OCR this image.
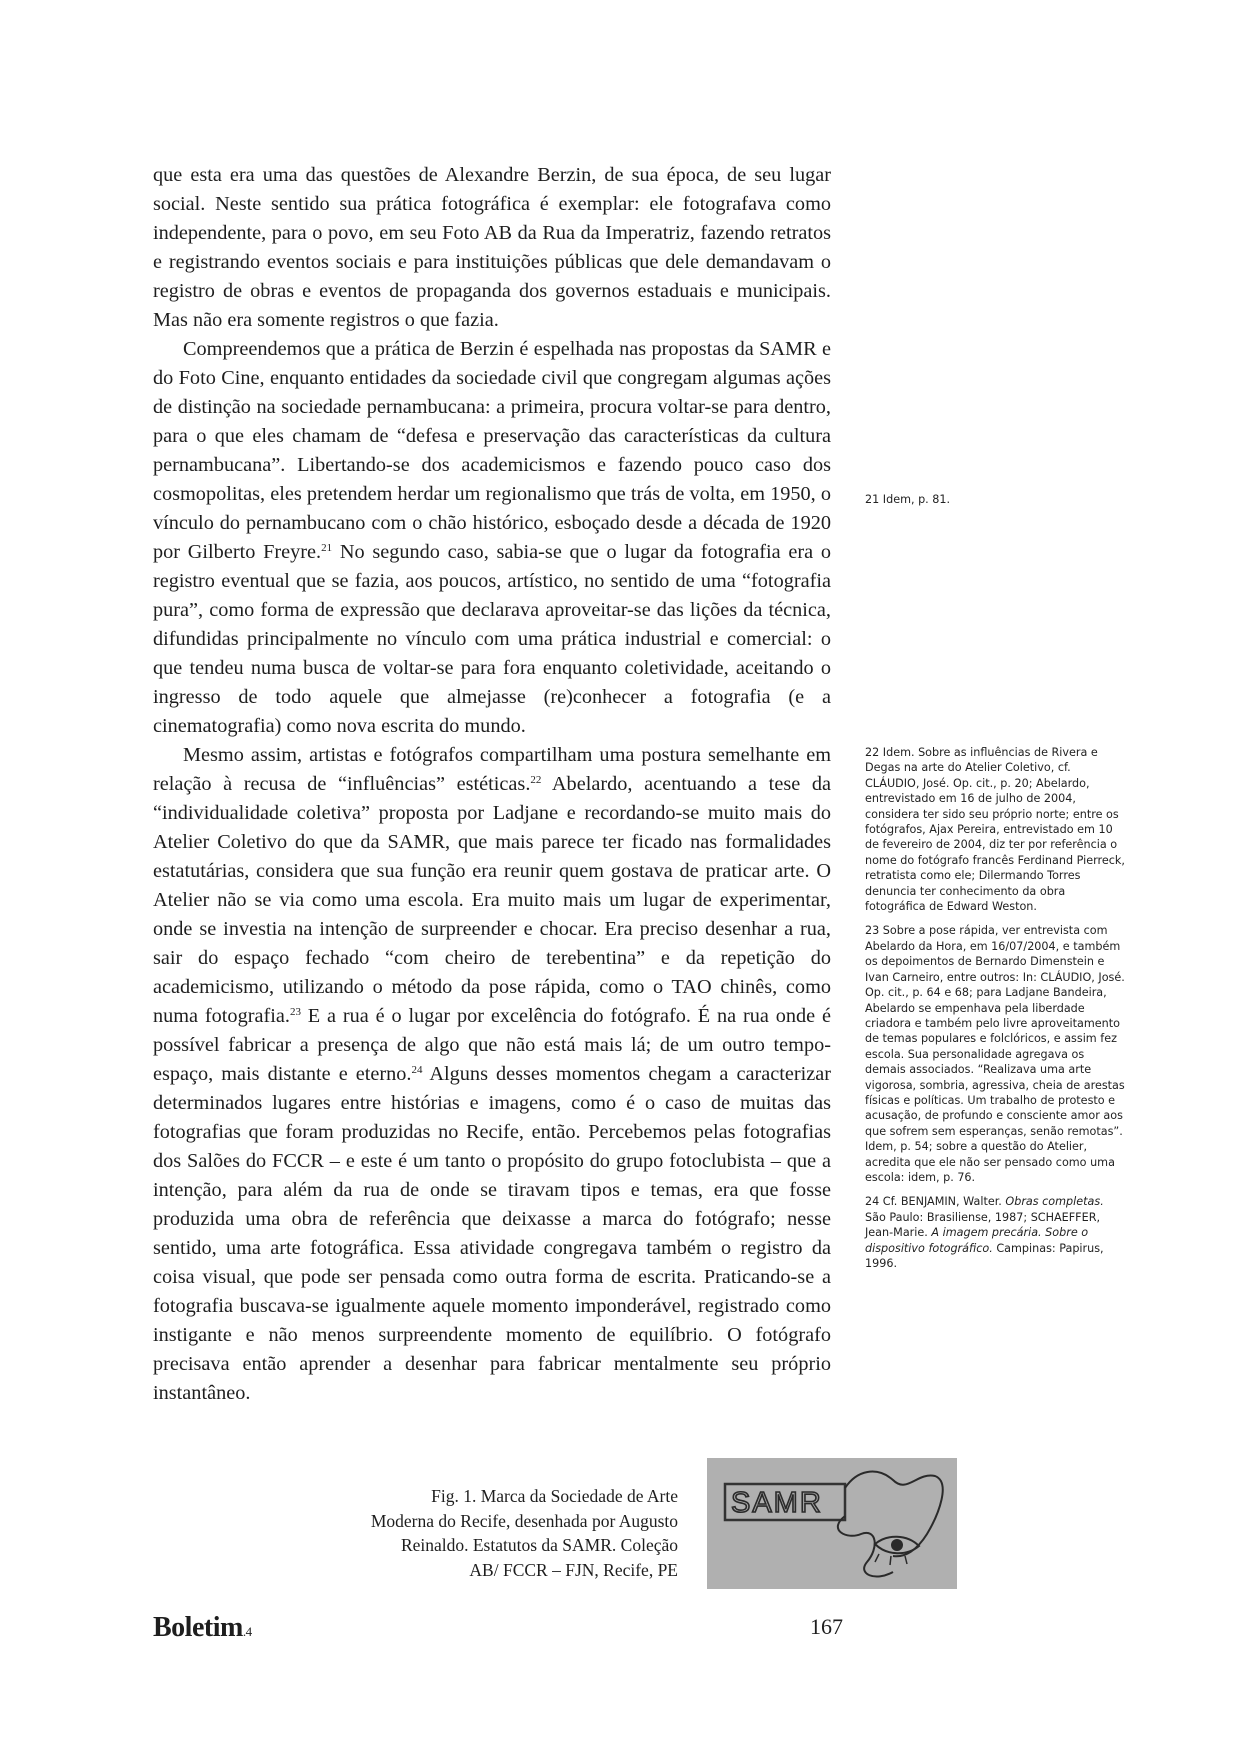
que esta era uma das questões de Alexandre Berzin, de sua época, de seu lugar social. Neste sentido sua prática fotográfica é exemplar: ele fotografava como independente, para o povo, em seu Foto AB da Rua da Imperatriz, fazendo retratos e registrando eventos sociais e para instituições públicas que dele demandavam o registro de obras e eventos de propaganda dos governos estaduais e municipais. Mas não era somente registros o que fazia.

Compreendemos que a prática de Berzin é espelhada nas propostas da SAMR e do Foto Cine, enquanto entidades da sociedade civil que congregam algumas ações de distinção na sociedade pernambucana: a primeira, procura voltar-se para dentro, para o que eles chamam de “defesa e preservação das características da cultura pernambucana”. Libertando-se dos academicismos e fazendo pouco caso dos cosmopolitas, eles pretendem herdar um regionalismo que trás de volta, em 1950, o vínculo do pernambucano com o chão histórico, esboçado desde a década de 1920 por Gilberto Freyre.$^{21}$ No segundo caso, sabia-se que o lugar da fotografia era o registro eventual que se fazia, aos poucos, artístico, no sentido de uma “fotografia pura”, como forma de expressão que declarava aproveitar-se das lições da técnica, difundidas principalmente no vínculo com uma prática industrial e comercial: o que tendeu numa busca de voltar-se para fora enquanto coletividade, aceitando o ingresso de todo aquele que almejasse (re)conhecer a fotografia (e a cinematografia) como nova escrita do mundo.

Mesmo assim, artistas e fotógrafos compartilham uma postura semelhante em relação à recusa de “influências” estéticas.$^{22}$ Abelardo, acentuando a tese da “individualidade coletiva” proposta por Ladjane e recordando-se muito mais do Atelier Coletivo do que da SAMR, que mais parece ter ficado nas formalidades estatutárias, considera que sua função era reunir quem gostava de praticar arte. O Atelier não se via como uma escola. Era muito mais um lugar de experimentar, onde se investia na intenção de surpreender e chocar. Era preciso desenhar a rua, sair do espaço fechado “com cheiro de terebentina” e da repetição do academicismo, utilizando o método da pose rápida, como o TAO chinês, como numa fotografia.$^{23}$ E a rua é o lugar por excelência do fotógrafo. É na rua onde é possível fabricar a presença de algo que não está mais lá; de um outro tempo-espaço, mais distante e eterno.$^{24}$ Alguns desses momentos chegam a caracterizar determinados lugares entre histórias e imagens, como é o caso de muitas das fotografias que foram produzidas no Recife, então. Percebemos pelas fotografias dos Salões do FCCR – e este é um tanto o propósito do grupo fotoclubista – que a intenção, para além da rua de onde se tiravam tipos e temas, era que fosse produzida uma obra de referência que deixasse a marca do fotógrafo; nesse sentido, uma arte fotográfica. Essa atividade congregava também o registro da coisa visual, que pode ser pensada como outra forma de escrita. Praticando-se a fotografia buscava-se igualmente aquele momento imponderável, registrado como instigante e não menos surpreendente momento de equilíbrio. O fotógrafo precisava então aprender a desenhar para fabricar mentalmente seu próprio instantâneo.

21 Idem, p. 81.

22 Idem. Sobre as influências de Rivera e Degas na arte do Atelier Coletivo, cf. CLÁUDIO, José. Op. cit., p. 20; Abelardo, entrevistado em 16 de julho de 2004, considera ter sido seu próprio norte; entre os fotógrafos, Ajax Pereira, entrevistado em 10 de fevereiro de 2004, diz ter por referência o nome do fotógrafo francês Ferdinand Pierreck, retratista como ele; Dilermando Torres denuncia ter conhecimento da obra fotográfica de Edward Weston.

23 Sobre a pose rápida, ver entrevista com Abelardo da Hora, em 16/07/2004, e também os depoimentos de Bernardo Dimenstein e Ivan Carneiro, entre outros: In: CLÁUDIO, José. Op. cit., p. 64 e 68; para Ladjane Bandeira, Abelardo se empenhava pela liberdade criadora e também pelo livre aproveitamento de temas populares e folclóricos, e assim fez escola. Sua personalidade agregava os demais associados. “Realizava uma arte vigorosa, sombria, agressiva, cheia de arestas físicas e políticas. Um trabalho de protesto e acusação, de profundo e consciente amor aos que sofrem sem esperanças, senão remotas”. Idem, p. 54; sobre a questão do Atelier, acredita que ele não ser pensado como uma escola: idem, p. 76.

24 Cf. BENJAMIN, Walter. Obras completas. São Paulo: Brasiliense, 1987; SCHAEFFER, Jean-Marie. A imagem precária. Sobre o dispositivo fotográfico. Campinas: Papirus, 1996.

Fig. 1. Marca da Sociedade de Arte

Moderna do Recife, desenhada por Augusto

Reinaldo. Estatutos da SAMR. Coleção

AB/ FCCR – FJN, Recife, PE

SAMR
Boletim.4	167
